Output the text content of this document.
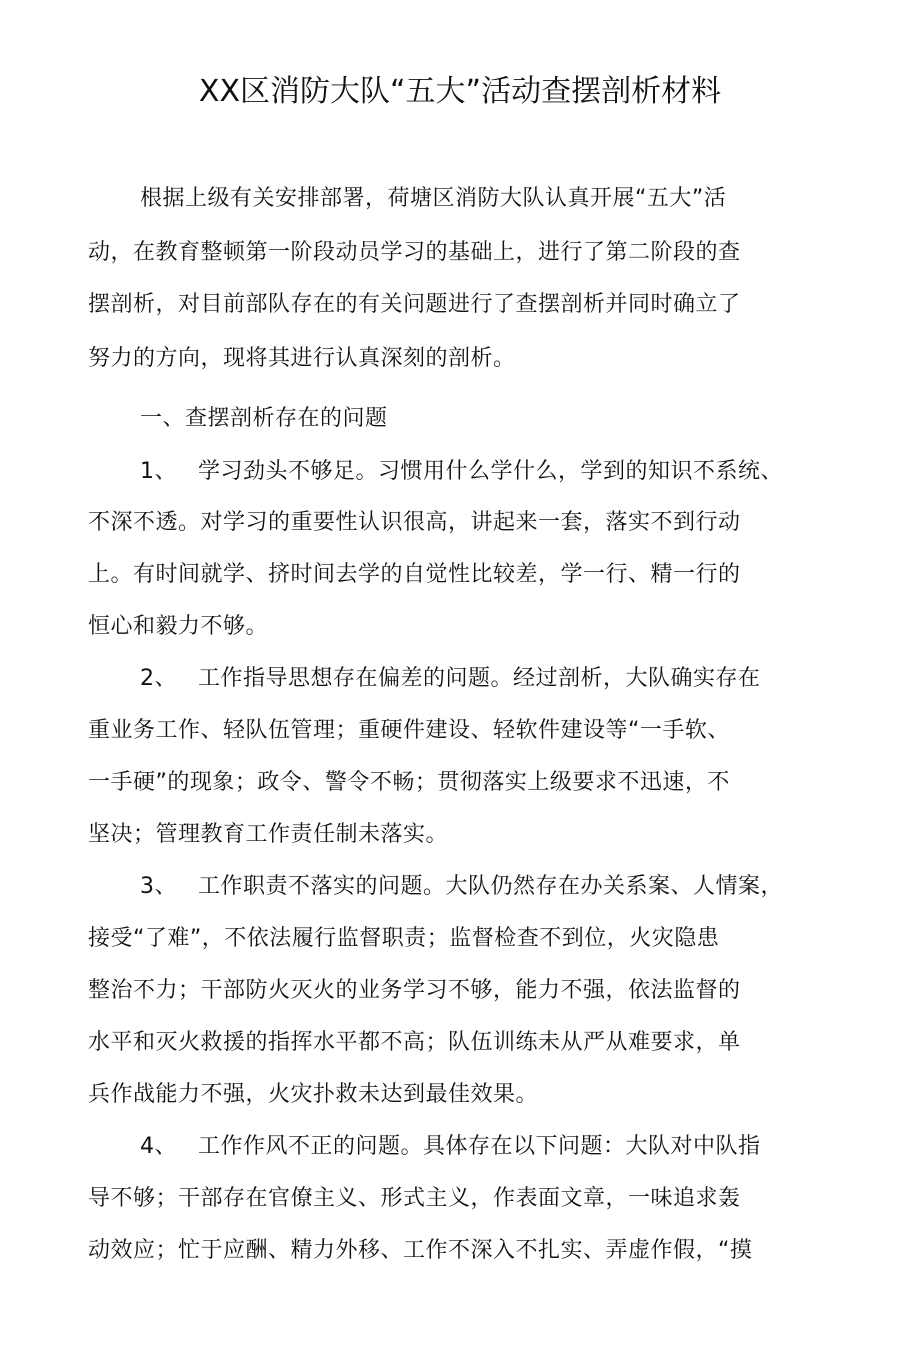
XX区消防大队“五大”活动查摆剖析材料
根据上级有关安排部署，荷塘区消防大队认真开展“五大”活
动，在教育整顿第一阶段动员学习的基础上，进行了第二阶段的查
摆剖析，对目前部队存在的有关问题进行了查摆剖析并同时确立了
努力的方向，现将其进行认真深刻的剖析。
一、查摆剖析存在的问题
1、 学习劲头不够足。习惯用什么学什么，学到的知识不系统、
不深不透。对学习的重要性认识很高，讲起来一套，落实不到行动
上。有时间就学、挤时间去学的自觉性比较差，学一行、精一行的
恒心和毅力不够。
2、 工作指导思想存在偏差的问题。经过剖析，大队确实存在
重业务工作、轻队伍管理；重硬件建设、轻软件建设等“一手软、
一手硬”的现象；政令、警令不畅；贯彻落实上级要求不迅速，不
坚决；管理教育工作责任制未落实。
3、 工作职责不落实的问题。大队仍然存在办关系案、人情案，
接受“了难”，不依法履行监督职责；监督检查不到位，火灾隐患
整治不力；干部防火灭火的业务学习不够，能力不强，依法监督的
水平和灭火救援的指挥水平都不高；队伍训练未从严从难要求，单
兵作战能力不强，火灾扑救未达到最佳效果。
4、 工作作风不正的问题。具体存在以下问题：大队对中队指
导不够；干部存在官僚主义、形式主义，作表面文章，一味追求轰
动效应；忙于应酬、精力外移、工作不深入不扎实、弄虚作假，“摸
